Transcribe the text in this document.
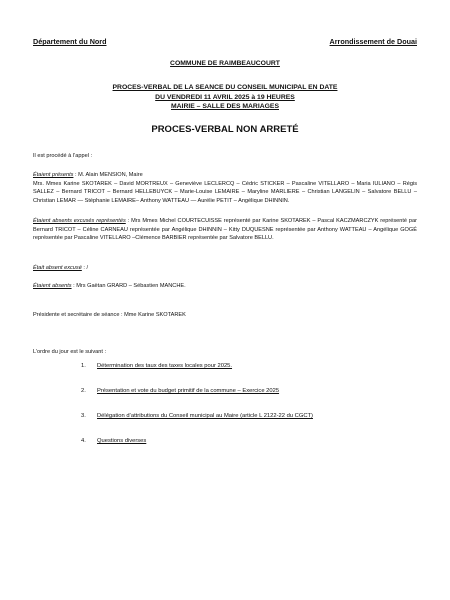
Département du Nord	Arrondissement de Douai
COMMUNE DE RAIMBEAUCOURT
PROCES-VERBAL DE LA SEANCE DU CONSEIL MUNICIPAL EN DATE
DU VENDREDI 11 AVRIL 2025 à 19 HEURES
MAIRIE – SALLE DES MARIAGES
PROCES-VERBAL NON ARRETÉ
Il est procédé à l’appel :
Étaient présents : M. Alain MENSION, Maire
Mrs. Mmes Karine SKOTAREK – David MORTREUX – Geneviève LECLERCQ – Cédric STICKER – Pascaline VITELLARO – Maria IULIANO – Régis SALLEZ – Bernard TRICOT – Bernard HELLEBUYCK – Marie-Louise LEMAIRE – Maryline MARLIERE – Christian LANGELIN – Salvatore BELLU – Christian LEMAR — Stéphanie LEMAIRE– Anthony WATTEAU — Aurélie PETIT – Angélique DHINNIN.
Étaient absents excusés représentés : Mrs Mmes Michel COURTECUISSE représenté par Karine SKOTAREK – Pascal KACZMARCZYK représenté par Bernard TRICOT – Céline CARNEAU représentée par Angélique DHINNIN – Kitty DUQUESNE représentée par Anthony WATTEAU – Angélique GOGÉ représentée par Pascaline VITELLARO –Clémence BARBIER représentée par Salvatore BELLU.
Était absent excusé : /
Étaient absents : Mrs Gaëtan GRARD – Sébastien MANCHE.
Présidente et secrétaire de séance : Mme Karine SKOTAREK
L’ordre du jour est le suivant :
1.	Détermination des taux des taxes locales pour 2025.
2.	Présentation et vote du budget primitif de la commune – Exercice 2025
3.	Délégation d’attributions du Conseil municipal au Maire (article L 2122-22 du CGCT)
4.	Questions diverses
